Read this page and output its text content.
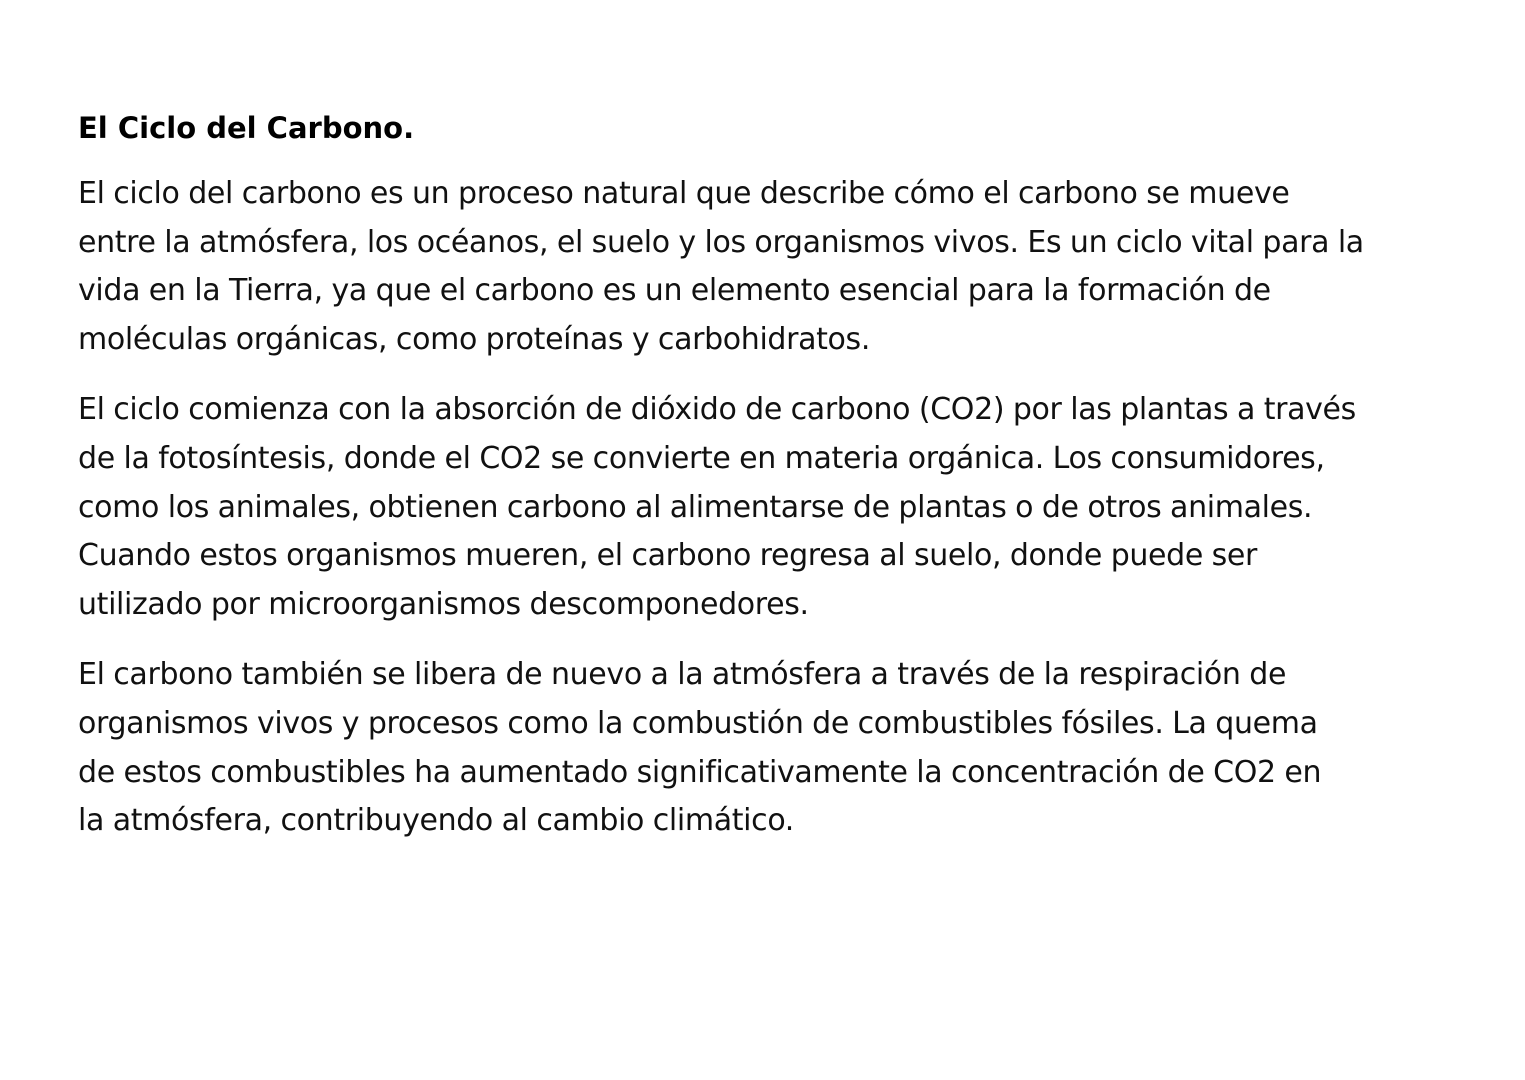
El Ciclo del Carbono.

El ciclo del carbono es un proceso natural que describe cómo el carbono se mueve
entre la atmósfera, los océanos, el suelo y los organismos vivos. Es un ciclo vital para la
vida en la Tierra, ya que el carbono es un elemento esencial para la formación de
moléculas orgánicas, como proteínas y carbohidratos.

El ciclo comienza con la absorción de dióxido de carbono (CO2) por las plantas a través
de la fotosíntesis, donde el CO2 se convierte en materia orgánica. Los consumidores,
como los animales, obtienen carbono al alimentarse de plantas o de otros animales.
Cuando estos organismos mueren, el carbono regresa al suelo, donde puede ser
utilizado por microorganismos descomponedores.

El carbono también se libera de nuevo a la atmósfera a través de la respiración de
organismos vivos y procesos como la combustión de combustibles fósiles. La quema
de estos combustibles ha aumentado significativamente la concentración de CO2 en
la atmósfera, contribuyendo al cambio climático.
